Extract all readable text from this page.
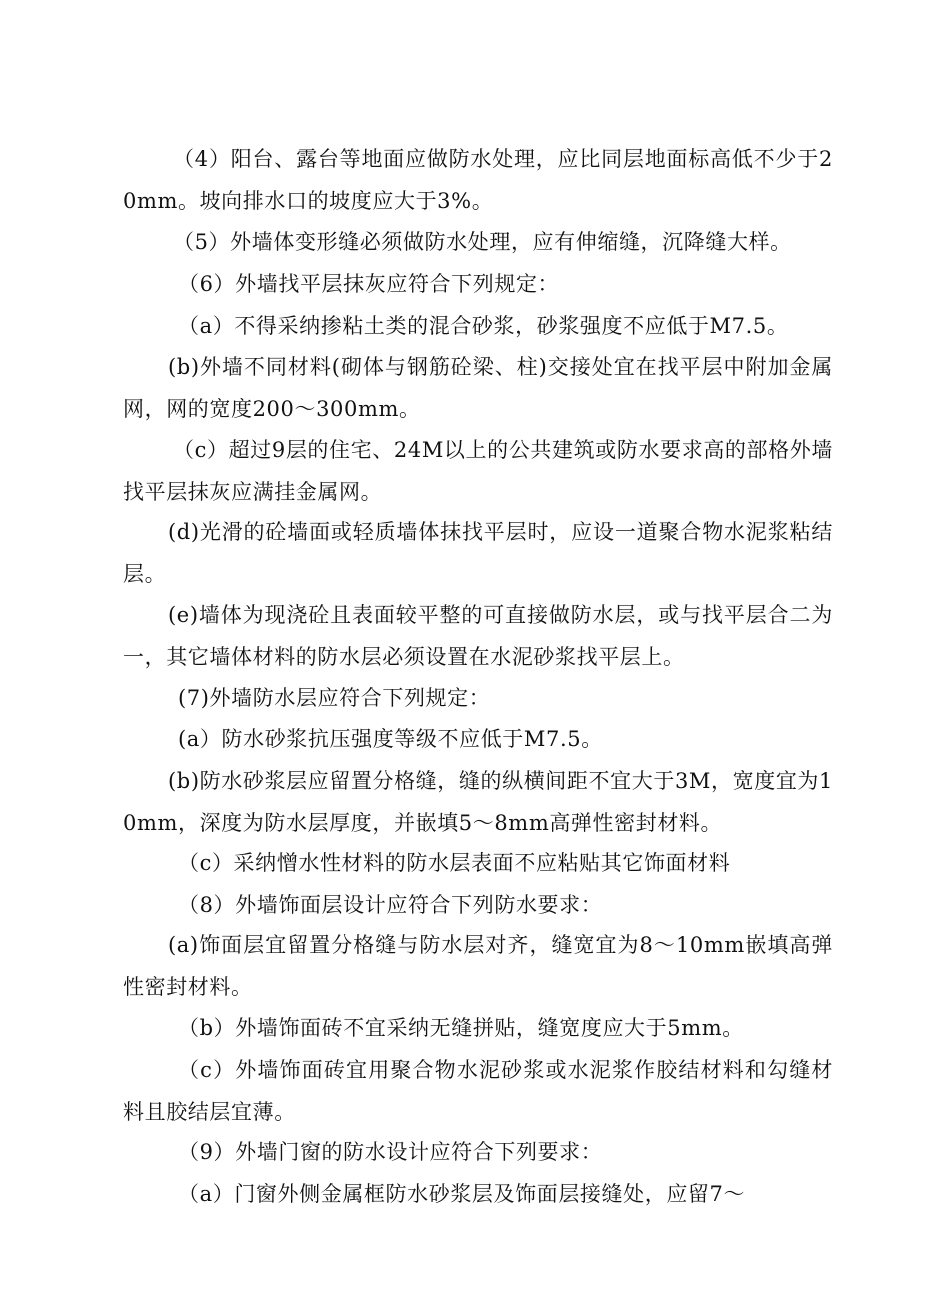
（4）阳台、露台等地面应做防水处理，应比同层地面标高低不少于20mm。坡向排水口的坡度应大于3%。

（5）外墙体变形缝必须做防水处理，应有伸缩缝，沉降缝大样。

（6）外墙找平层抹灰应符合下列规定：

（a）不得采纳掺粘土类的混合砂浆，砂浆强度不应低于M7.5。

(b)外墙不同材料(砌体与钢筋砼梁、柱)交接处宜在找平层中附加金属网，网的宽度200～300mm。

（c）超过9层的住宅、24M以上的公共建筑或防水要求高的部格外墙找平层抹灰应满挂金属网。

(d)光滑的砼墙面或轻质墙体抹找平层时，应设一道聚合物水泥浆粘结层。

(e)墙体为现浇砼且表面较平整的可直接做防水层，或与找平层合二为一，其它墙体材料的防水层必须设置在水泥砂浆找平层上。

(7)外墙防水层应符合下列规定：

(a）防水砂浆抗压强度等级不应低于M7.5。

(b)防水砂浆层应留置分格缝，缝的纵横间距不宜大于3M，宽度宜为10mm，深度为防水层厚度，并嵌填5～8mm高弹性密封材料。

（c）采纳憎水性材料的防水层表面不应粘贴其它饰面材料

（8）外墙饰面层设计应符合下列防水要求：

(a)饰面层宜留置分格缝与防水层对齐，缝宽宜为8～10mm嵌填高弹性密封材料。

（b）外墙饰面砖不宜采纳无缝拼贴，缝宽度应大于5mm。

（c）外墙饰面砖宜用聚合物水泥砂浆或水泥浆作胶结材料和勾缝材料且胶结层宜薄。

（9）外墙门窗的防水设计应符合下列要求：

（a）门窗外侧金属框防水砂浆层及饰面层接缝处，应留7～
